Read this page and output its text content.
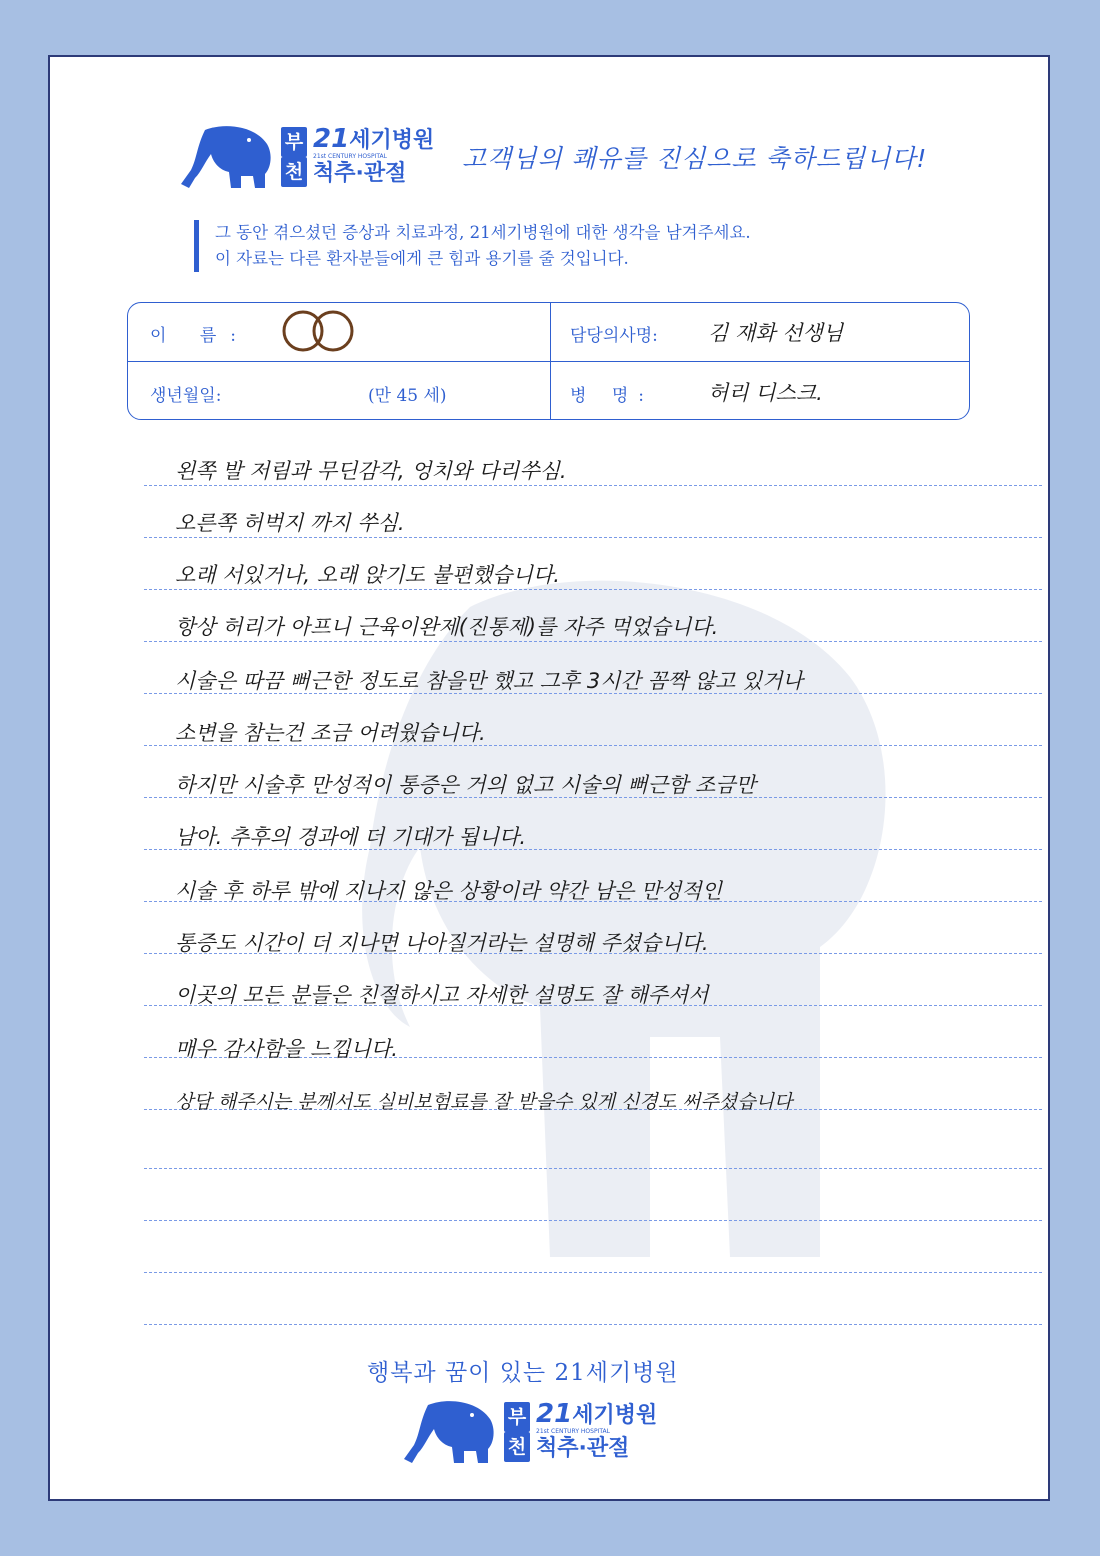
부
천
21세기병원
21st CENTURY HOSPITAL
척추·관절
고객님의 쾌유를 진심으로 축하드립니다!
그 동안 겪으셨던 증상과 치료과정, 21세기병원에 대한 생각을 남겨주세요.
이 자료는 다른 환자분들에게 큰 힘과 용기를 줄 것입니다.
이 름:	담당의사명: 김 재화 선생님
생년월일:	(만 45 세)	병 명:	허리 디스크.
왼쪽 발 저림과 무딘감각, 엉치와 다리쑤심.
오른쪽 허벅지 까지 쑤심.
오래 서있거나, 오래 앉기도 불편했습니다.
항상 허리가 아프니 근육이완제(진통제)를 자주 먹었습니다.
시술은 따끔 뻐근한 정도로 참을만 했고 그후 3시간 꼼짝 않고 있거나
소변을 참는건 조금 어려웠습니다.
하지만 시술후 만성적이 통증은 거의 없고 시술의 뻐근함 조금만
남아. 추후의 경과에 더 기대가 됩니다.
시술 후 하루 밖에 지나지 않은 상황이라 약간 남은 만성적인
통증도 시간이 더 지나면 나아질거라는 설명해 주셨습니다.
이곳의 모든 분들은 친절하시고 자세한 설명도 잘 해주셔서
매우 감사함을 느낍니다.
상담 해주시는 분께서도 실비보험료를 잘 받을수 있게 신경도 써주셨습니다
행복과 꿈이 있는 21세기병원
부
천
21세기병원
21st CENTURY HOSPITAL
척추·관절
